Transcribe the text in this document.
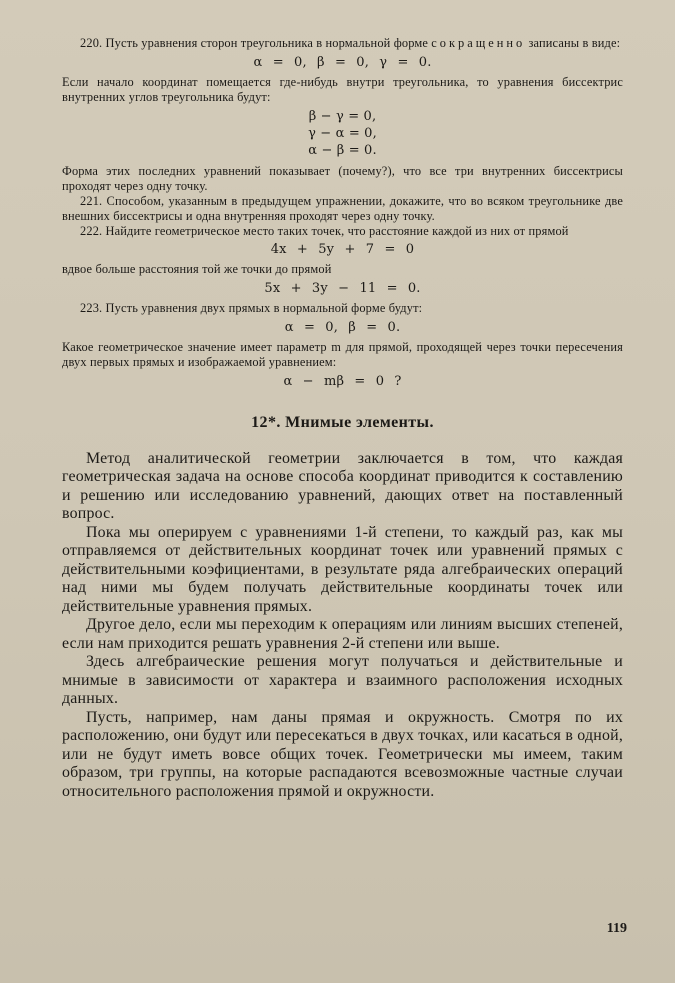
220. Пусть уравнения сторон треугольника в нормальной форме сокращенно записаны в виде:

α = 0, β = 0, γ = 0.

Если начало координат помещается где-нибудь внутри треугольника, то уравнения биссектрис внутренних углов треугольника будут:

β − γ = 0,
γ − α = 0,
α − β = 0.

Форма этих последних уравнений показывает (почему?), что все три внутренних биссектрисы проходят через одну точку.

221. Способом, указанным в предыдущем упражнении, докажите, что во всяком треугольнике две внешних биссектрисы и одна внутренняя проходят через одну точку.

222. Найдите геометрическое место таких точек, что расстояние каждой из них от прямой

4x + 5y + 7 = 0

вдвое больше расстояния той же точки до прямой

5x + 3y − 11 = 0.

223. Пусть уравнения двух прямых в нормальной форме будут:

α = 0, β = 0.

Какое геометрическое значение имеет параметр m для прямой, проходящей через точки пересечения двух первых прямых и изображаемой уравнением:

α − mβ = 0 ?
12*. Мнимые элементы.

Метод аналитической геометрии заключается в том, что каждая геометрическая задача на основе способа координат приводится к составлению и решению или исследованию уравнений, дающих ответ на поставленный вопрос.

Пока мы оперируем с уравнениями 1-й степени, то каждый раз, как мы отправляемся от действительных координат точек или уравнений прямых с действительными коэфициентами, в результате ряда алгебраических операций над ними мы будем получать действительные координаты точек или действительные уравнения прямых.

Другое дело, если мы переходим к операциям или линиям высших степеней, если нам приходится решать уравнения 2-й степени или выше.

Здесь алгебраические решения могут получаться и действительные и мнимые в зависимости от характера и взаимного расположения исходных данных.

Пусть, например, нам даны прямая и окружность. Смотря по их расположению, они будут или пересекаться в двух точках, или касаться в одной, или не будут иметь вовсе общих точек. Геометрически мы имеем, таким образом, три группы, на которые распадаются всевозможные частные случаи относительного расположения прямой и окружности.

119
